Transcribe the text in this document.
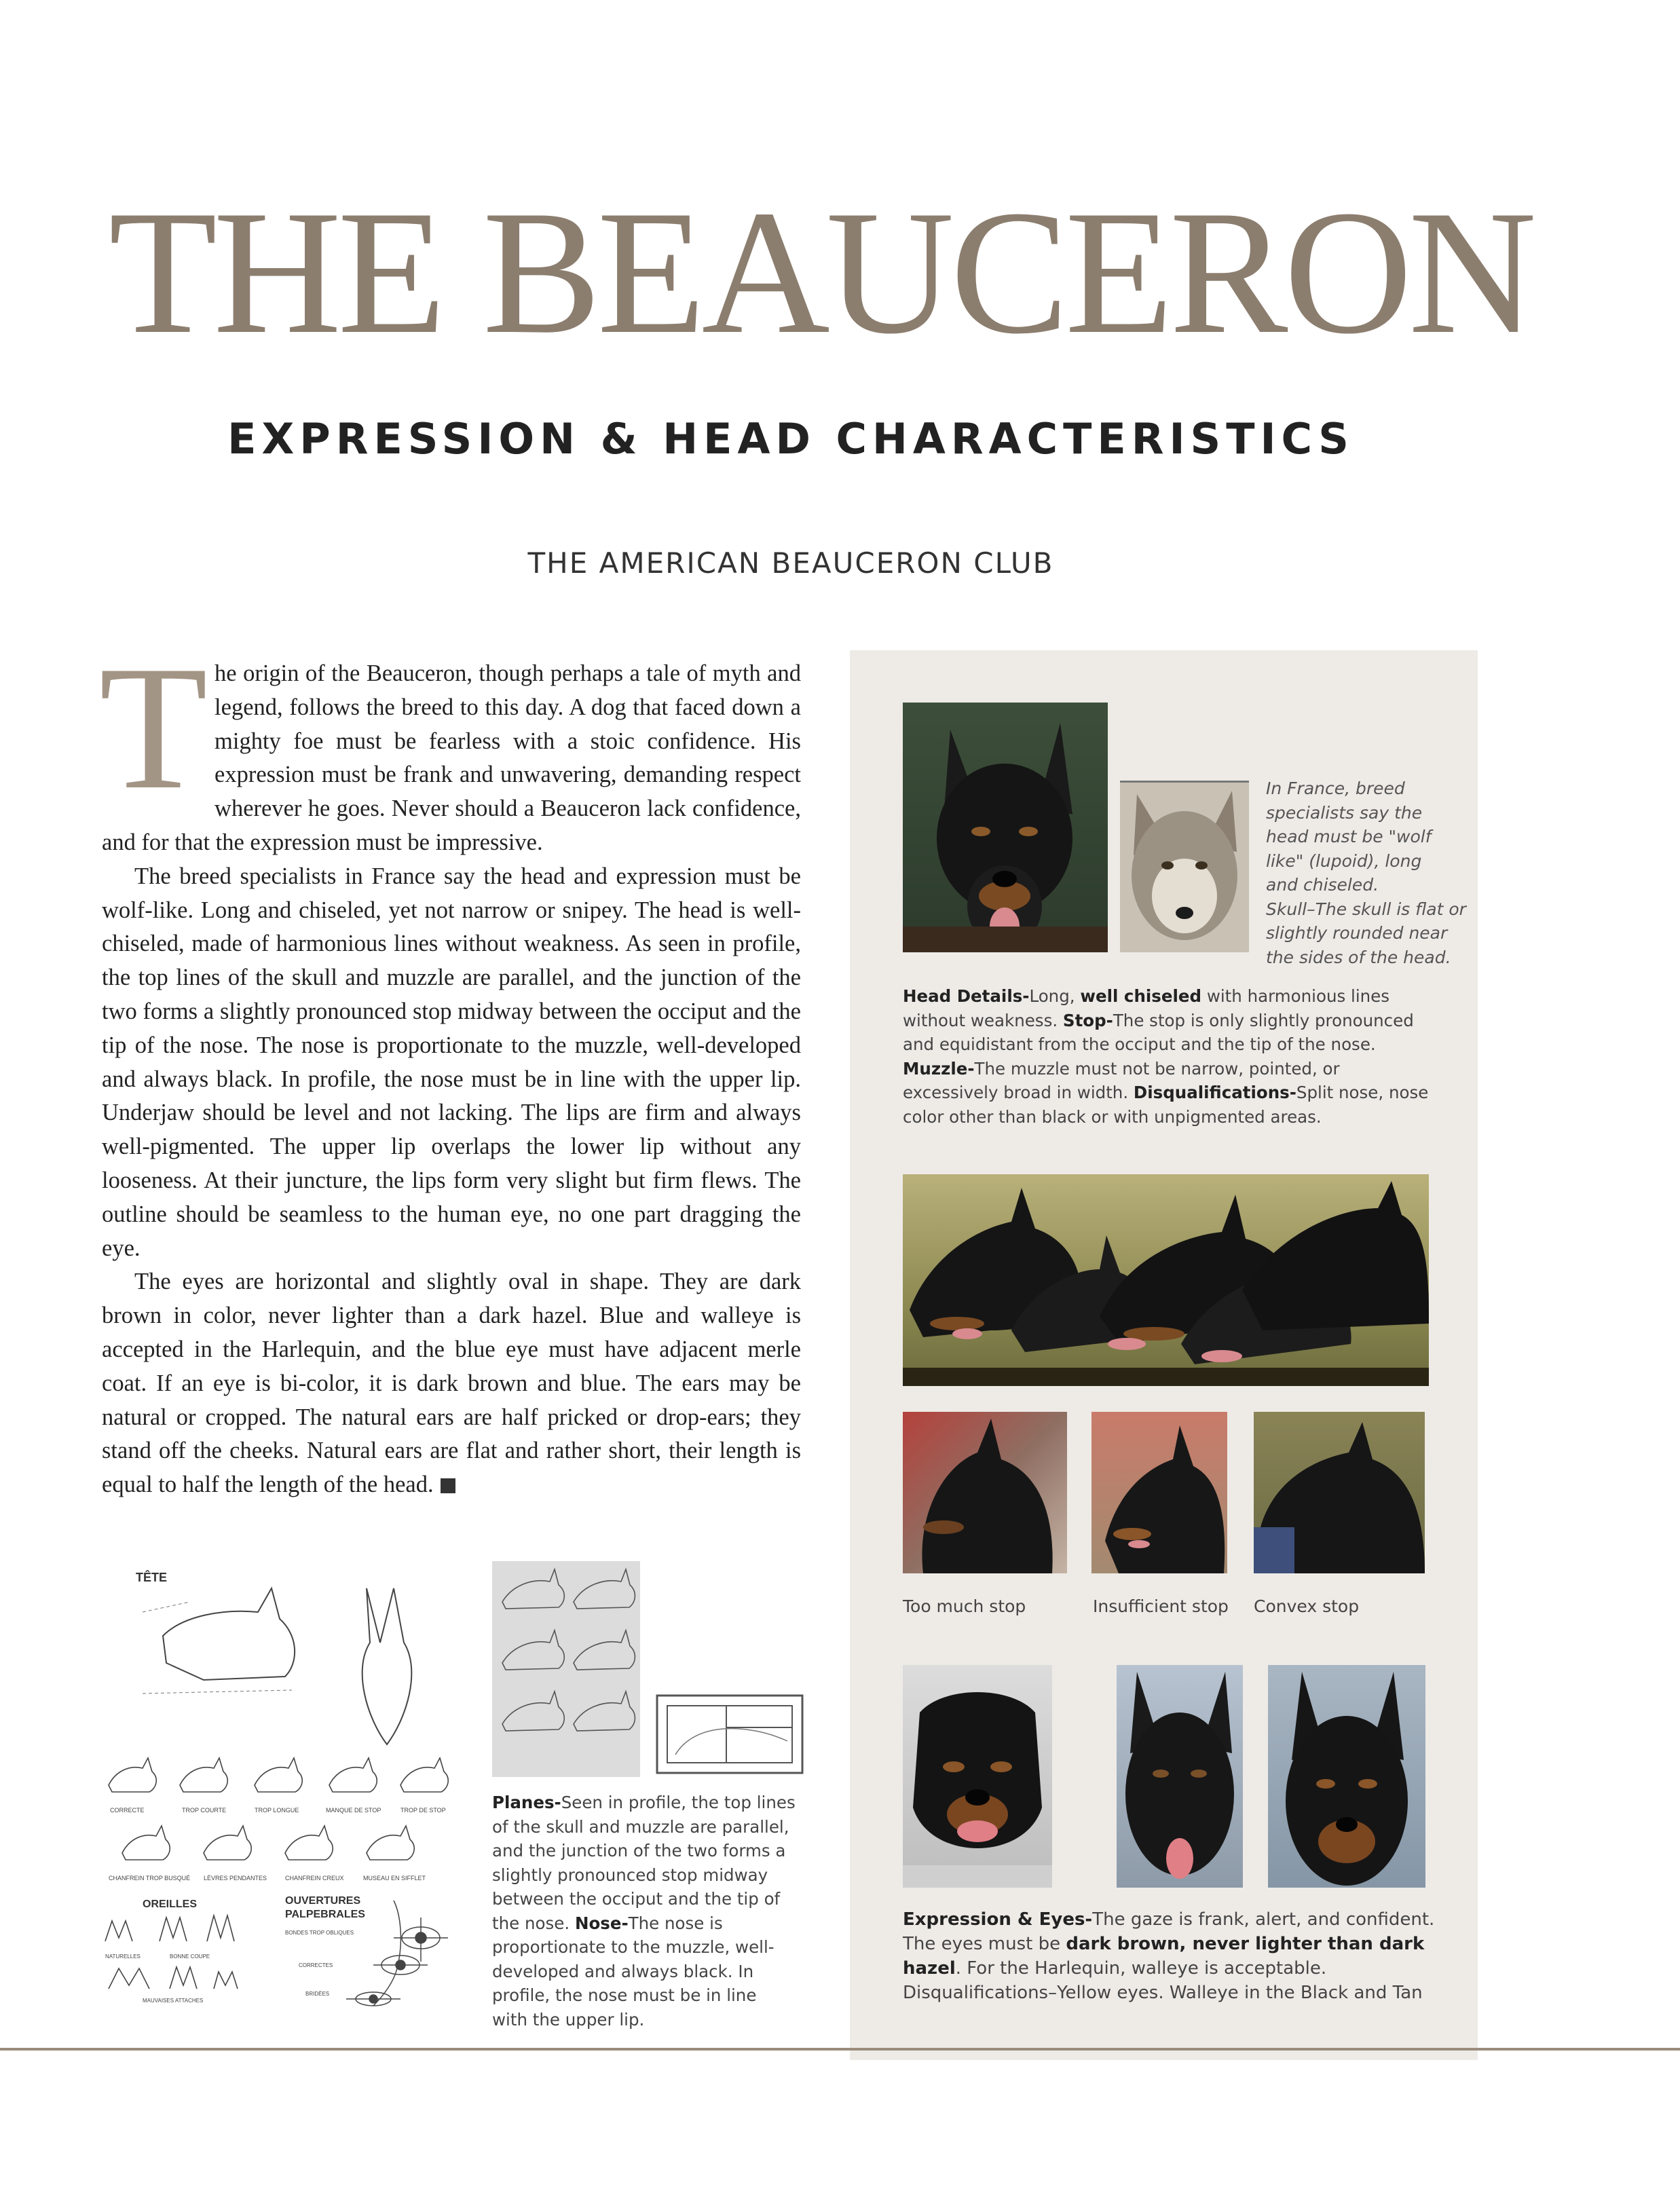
THE BEAUCERON
EXPRESSION & HEAD CHARACTERISTICS
THE AMERICAN BEAUCERON CLUB

The origin of the Beauceron, though perhaps a tale of myth and legend, follows the breed to this day. A dog that faced down a mighty foe must be fearless with a stoic confidence. His expression must be frank and unwavering, demanding respect wherever he goes. Never should a Beauceron lack confidence, and for that the expression must be impressive.

The breed specialists in France say the head and expression must be wolf-like. Long and chiseled, yet not narrow or snipey. The head is well-chiseled, made of harmonious lines without weakness. As seen in profile, the top lines of the skull and muzzle are parallel, and the junction of the two forms a slightly pronounced stop midway between the occiput and the tip of the nose. The nose is proportionate to the muzzle, well-developed and always black. In profile, the nose must be in line with the upper lip. Underjaw should be level and not lacking. The lips are firm and always well-pigmented. The upper lip overlaps the lower lip without any looseness. At their juncture, the lips form very slight but firm flews. The outline should be seamless to the human eye, no one part dragging the eye.

The eyes are horizontal and slightly oval in shape. They are dark brown in color, never lighter than a dark hazel. Blue and walleye is accepted in the Harlequin, and the blue eye must have adjacent merle coat. If an eye is bi-color, it is dark brown and blue. The ears may be natural or cropped. The natural ears are half pricked or drop-ears; they stand off the cheeks. Natural ears are flat and rather short, their length is equal to half the length of the head.

In France, breed
specialists say the
head must be "wolf
like" (lupoid), long
and chiseled.
Skull–The skull is flat or
slightly rounded near
the sides of the head.
Head Details-Long, well chiseled with harmonious lines without weakness. Stop-The stop is only slightly pronounced and equidistant from the occiput and the tip of the nose. Muzzle-The muzzle must not be narrow, pointed, or excessively broad in width. Disqualifications-Split nose, nose color other than black or with unpigmented areas.
Too much stop	Insufficient stop Convex stop
Expression & Eyes-The gaze is frank, alert, and confident. The eyes must be dark brown, never lighter than dark hazel. For the Harlequin, walleye is acceptable. Disqualifications–Yellow eyes. Walleye in the Black and Tan
TÊTE
CORRECTE	TROP COURTE	TROP LONGUE	MANQUE DE STOP	TROP DE STOP
CHANFREIN TROP BUSQUÉ LÈVRES PENDANTES	CHANFREIN CREUX	MUSEAU EN SIFFLET
OREILLES	OUVERTURES
PALPEBRALES
NATURELLES	BONNE COUPE
MAUVAISES ATTACHES
BONDES TROP OBLIQUES
CORRECTES
BRIDÉES
Planes-Seen in profile, the top lines of the skull and muzzle are parallel, and the junction of the two forms a slightly pronounced stop midway between the occiput and the tip of the nose. Nose-The nose is proportionate to the muzzle, well-developed and always black. In profile, the nose must be in line with the upper lip.
